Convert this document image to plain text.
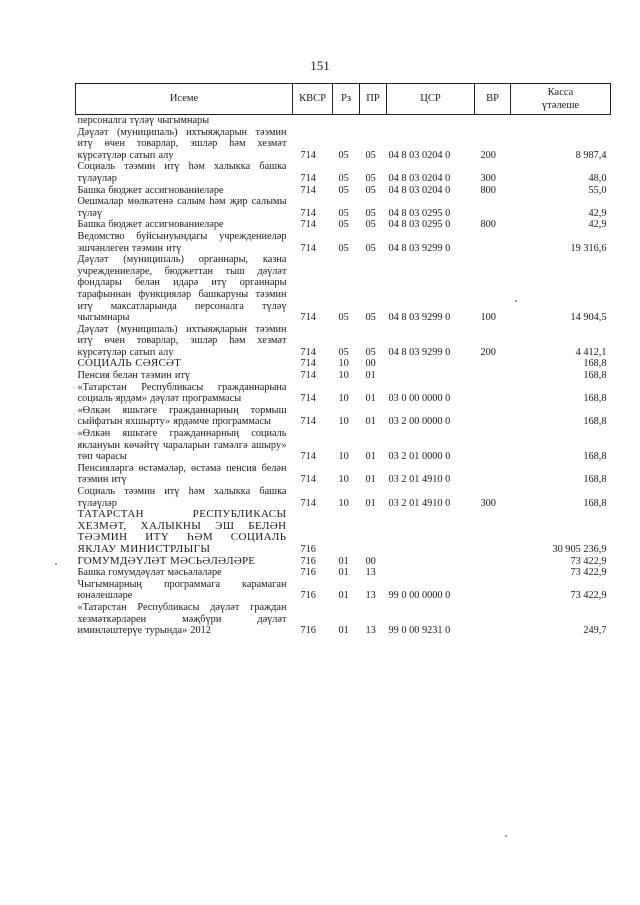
151
Исеме	КВСР	Рз	ПР	ЦСР	ВР	Касса
үтәлеше

персоналга түләү чыгымнары						
Дәүләт (муниципаль) ихтыяҗларын тәэмин итү өчен товарлар, эшләр һәм хезмәт күрсәтүләр сатып алу	714	05	05	04 8 03 0204 0	200	8 987,4
Социаль тәэмин итү һәм халыкка башка түләүләр	714	05	05	04 8 03 0204 0	300	48,0
Башка бюджет ассигнованиеләре	714	05	05	04 8 03 0204 0	800	55,0
Оешмалар мөлкәтенә салым һәм җир салымы түләү	714	05	05	04 8 03 0295 0		42,9
Башка бюджет ассигнованиеләре	714	05	05	04 8 03 0295 0	800	42,9
Ведомство буйсынуындагы учреждениеләр эшчәнлеген тәэмин итү	714	05	05	04 8 03 9299 0		19 316,6
Дәүләт (муниципаль) органнары, казна учреждениеләре, бюджеттан тыш дәүләт фондлары белән идарә итү органнары тарафыннан функцияләр башкаруны тәэмин итү максатларында персоналга түләү чыгымнары	714	05	05	04 8 03 9299 0	100	14 904,5
Дәүләт (муниципаль) ихтыяҗларын тәэмин итү өчен товарлар, эшләр һәм хезмәт күрсәтүләр сатып алу	714	05	05	04 8 03 9299 0	200	4 412,1
СОЦИАЛЬ СӘЯСӘТ	714	10	00			168,8
Пенсия белән тәэмин итү	714	10	01			168,8
«Татарстан Республикасы гражданнарына социаль ярдәм» дәүләт программасы	714	10	01	03 0 00 0000 0		168,8
«Өлкән яшьтәге гражданнарның тормыш сыйфатын яхшырту» ярдәмче программасы	714	10	01	03 2 00 0000 0		168,8
«Өлкән яшьтәге гражданнарның социаль яклануын көчәйтү чараларын гамәлгә ашыру» төп чарасы	714	10	01	03 2 01 0000 0		168,8
Пенсияләргә өстәмәләр, өстәмә пенсия белән тәэмин итү	714	10	01	03 2 01 4910 0		168,8
Социаль тәэмин итү һәм халыкка башка түләүләр	714	10	01	03 2 01 4910 0	300	168,8
ТАТАРСТАН РЕСПУБЛИКАСЫ ХЕЗМӘТ, ХАЛЫКНЫ ЭШ БЕЛӘН ТӘЭМИН ИТҮ ҺӘМ СОЦИАЛЬ ЯКЛАУ МИНИСТРЛЫГЫ	716					30 905 236,9
ГОМУМДӘҮЛӘТ МӘСЬӘЛӘЛӘРЕ	716	01	00			73 422,9
Башка гомумдәүләт мәсьәләләре	716	01	13			73 422,9
Чыгымнарның программага карамаган юнәлешләре	716	01	13	99 0 00 0000 0		73 422,9
«Татарстан Республикасы дәүләт граждан хезмәткәрләрен мәҗбүри дәүләт иминләштерүе турында» 2012	716	01	13	99 0 00 9231 0		249,7
